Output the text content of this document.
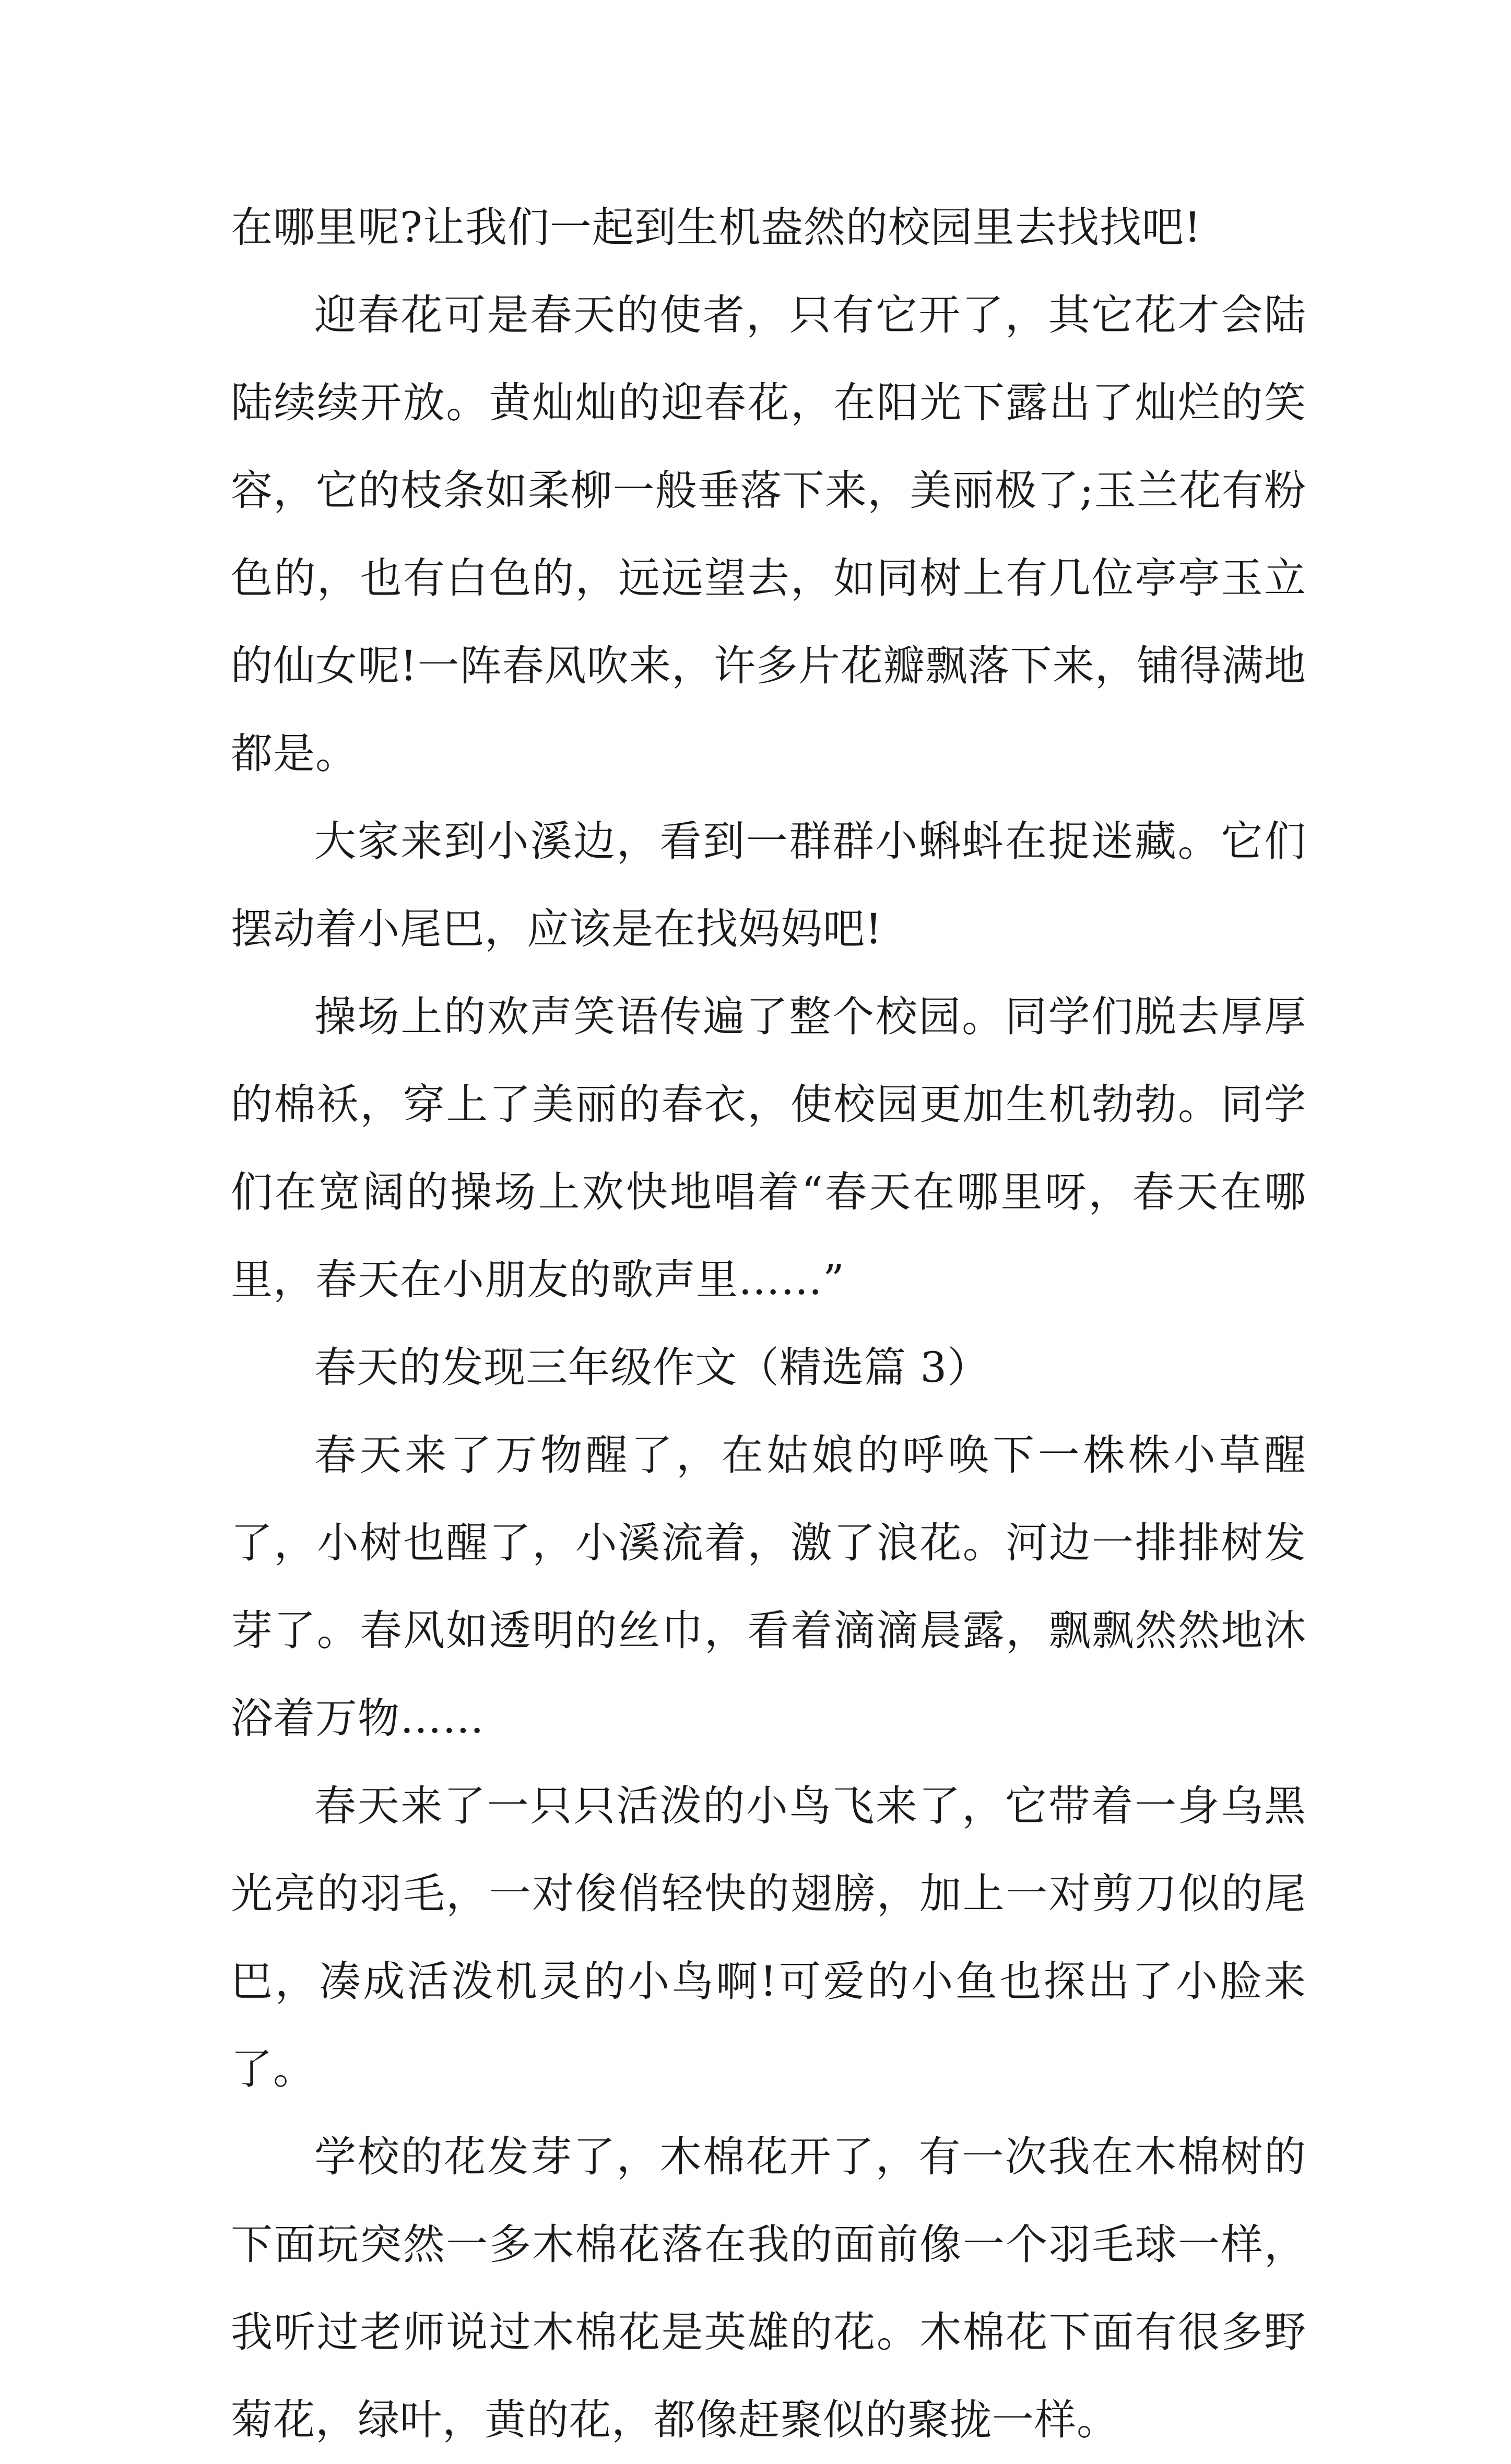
在哪里呢?让我们一起到生机盎然的校园里去找找吧!

迎春花可是春天的使者，只有它开了，其它花才会陆陆续续开放。黄灿灿的迎春花，在阳光下露出了灿烂的笑容，它的枝条如柔柳一般垂落下来，美丽极了;玉兰花有粉色的，也有白色的，远远望去，如同树上有几位亭亭玉立的仙女呢!一阵春风吹来，许多片花瓣飘落下来，铺得满地都是。

大家来到小溪边，看到一群群小蝌蚪在捉迷藏。它们摆动着小尾巴，应该是在找妈妈吧!

操场上的欢声笑语传遍了整个校园。同学们脱去厚厚的棉袄，穿上了美丽的春衣，使校园更加生机勃勃。同学们在宽阔的操场上欢快地唱着“春天在哪里呀，春天在哪里，春天在小朋友的歌声里……”

春天的发现三年级作文（精选篇 3）

春天来了万物醒了，在姑娘的呼唤下一株株小草醒了，小树也醒了，小溪流着，激了浪花。河边一排排树发芽了。春风如透明的丝巾，看着滴滴晨露，飘飘然然地沐浴着万物……

春天来了一只只活泼的小鸟飞来了，它带着一身乌黑光亮的羽毛，一对俊俏轻快的翅膀，加上一对剪刀似的尾巴，凑成活泼机灵的小鸟啊!可爱的小鱼也探出了小脸来了。

学校的花发芽了，木棉花开了，有一次我在木棉树的下面玩突然一多木棉花落在我的面前像一个羽毛球一样，我听过老师说过木棉花是英雄的花。木棉花下面有很多野菊花，绿叶，黄的花，都像赶聚似的聚拢一样。
